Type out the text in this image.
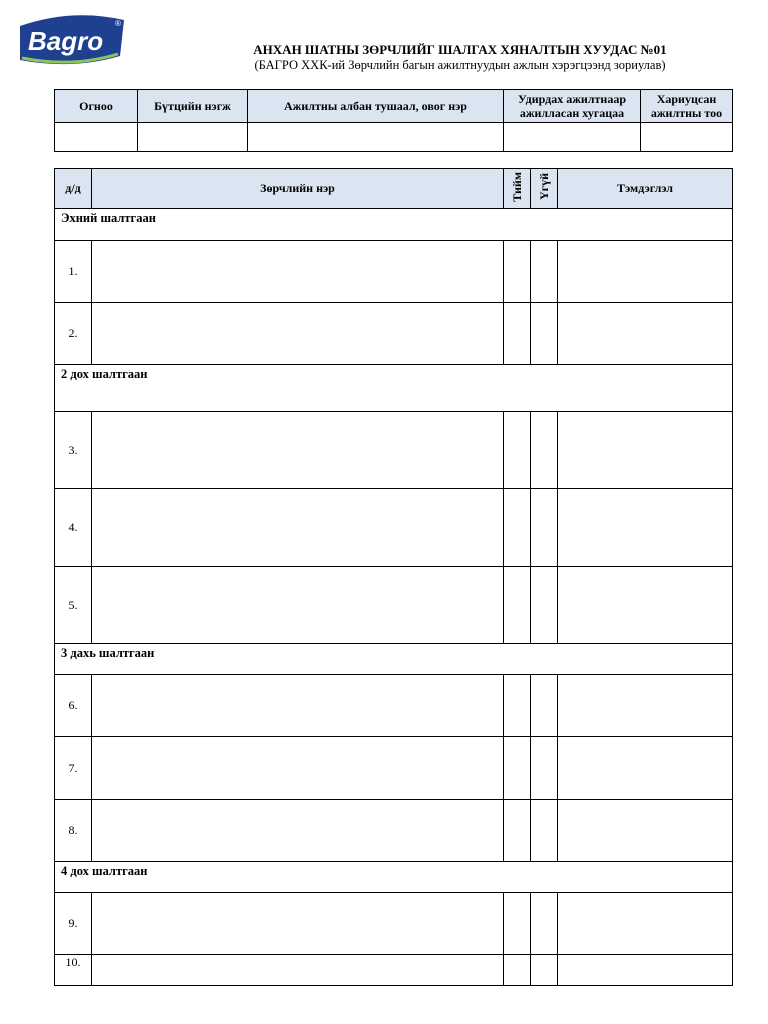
Bagro
®
АНХАН ШАТНЫ ЗӨРЧЛИЙГ ШАЛГАХ ХЯНАЛТЫН ХУУДАС №01
(БАГРО ХХК-ий Зөрчлийн багын ажилтнуудын ажлын хэрэгцээнд зориулав)
Огноо	Бүтцийн нэгж	Ажилтны албан тушаал, овог нэр	Удирдах ажилтнаар ажилласан хугацаа	Хариуцсан ажилтны тоо

д/д	Зөрчлийн нэр	Тийм	Үгүй	Тэмдэглэл
Эхний шалтгаан				
1.				
2.				
2 дох шалтгаан				
3.				
4.				
5.				
3 дахь шалтгаан				
6.				
7.				
8.				
4 дох шалтгаан				
9.				
10.				
